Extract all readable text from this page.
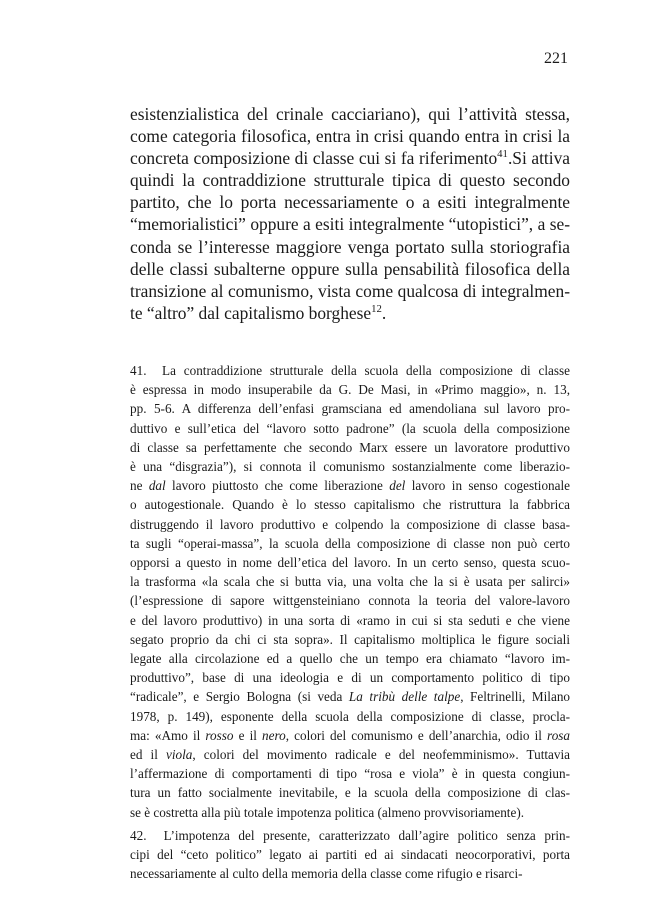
221
esistenzialistica del crinale cacciariano), qui l’attività stessa,
come categoria filosofica, entra in crisi quando entra in crisi la
concreta composizione di classe cui si fa riferimento$^{41}$.Si attiva
quindi la contraddizione strutturale tipica di questo secondo
partito, che lo porta necessariamente o a esiti integralmente
“memorialistici” oppure a esiti integralmente “utopistici”, a se-
conda se l’interesse maggiore venga portato sulla storiografia
delle classi subalterne oppure sulla pensabilità filosofica della
transizione al comunismo, vista come qualcosa di integralmen-
te “altro” dal capitalismo borghese$^{12}$.
41.  La contraddizione strutturale della scuola della composizione di classe
è espressa in modo insuperabile da G. De Masi, in «Primo maggio», n. 13,
pp. 5-6. A differenza dell’enfasi gramsciana ed amendoliana sul lavoro pro-
duttivo e sull’etica del “lavoro sotto padrone” (la scuola della composizione
di classe sa perfettamente che secondo Marx essere un lavoratore produttivo
è una “disgrazia”), si connota il comunismo sostanzialmente come liberazio-
ne dal lavoro piuttosto che come liberazione del lavoro in senso cogestionale
o autogestionale. Quando è lo stesso capitalismo che ristruttura la fabbrica
distruggendo il lavoro produttivo e colpendo la composizione di classe basa-
ta sugli “operai-massa”, la scuola della composizione di classe non può certo
opporsi a questo in nome dell’etica del lavoro. In un certo senso, questa scuo-
la trasforma «la scala che si butta via, una volta che la si è usata per salirci»
(l’espressione di sapore wittgensteiniano connota la teoria del valore-lavoro
e del lavoro produttivo) in una sorta di «ramo in cui si sta seduti e che viene
segato proprio da chi ci sta sopra». Il capitalismo moltiplica le figure sociali
legate alla circolazione ed a quello che un tempo era chiamato “lavoro im-
produttivo”, base di una ideologia e di un comportamento politico di tipo
“radicale”, e Sergio Bologna (si veda La tribù delle talpe, Feltrinelli, Milano
1978, p. 149), esponente della scuola della composizione di classe, procla-
ma: «Amo il rosso e il nero, colori del comunismo e dell’anarchia, odio il rosa
ed il viola, colori del movimento radicale e del neofemminismo». Tuttavia
l’affermazione di comportamenti di tipo “rosa e viola” è in questa congiun-
tura un fatto socialmente inevitabile, e la scuola della composizione di clas-
se è costretta alla più totale impotenza politica (almeno provvisoriamente).
42.  L’impotenza del presente, caratterizzato dall’agire politico senza prin-
cipi del “ceto politico” legato ai partiti ed ai sindacati neocorporativi, porta
necessariamente al culto della memoria della classe come rifugio e risarci-
